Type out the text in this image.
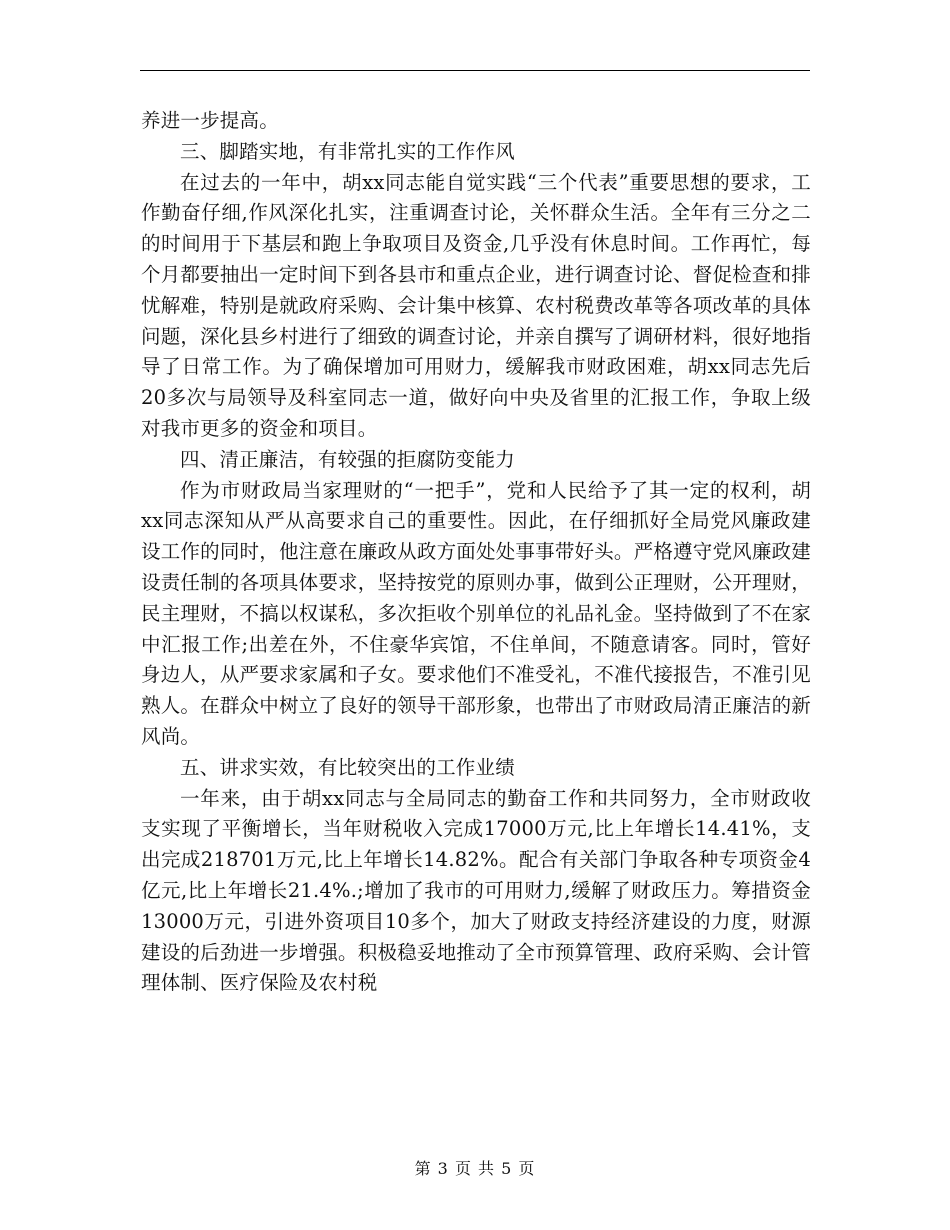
养进一步提高。

三、脚踏实地，有非常扎实的工作作风

在过去的一年中，胡xx同志能自觉实践“三个代表”重要思想的要求，工作勤奋仔细,作风深化扎实，注重调查讨论，关怀群众生活。全年有三分之二的时间用于下基层和跑上争取项目及资金,几乎没有休息时间。工作再忙，每个月都要抽出一定时间下到各县市和重点企业，进行调查讨论、督促检查和排忧解难，特别是就政府采购、会计集中核算、农村税费改革等各项改革的具体问题，深化县乡村进行了细致的调查讨论，并亲自撰写了调研材料，很好地指导了日常工作。为了确保增加可用财力，缓解我市财政困难，胡xx同志先后20多次与局领导及科室同志一道，做好向中央及省里的汇报工作，争取上级对我市更多的资金和项目。

四、清正廉洁，有较强的拒腐防变能力

作为市财政局当家理财的“一把手”，党和人民给予了其一定的权利，胡xx同志深知从严从高要求自己的重要性。因此，在仔细抓好全局党风廉政建设工作的同时，他注意在廉政从政方面处处事事带好头。严格遵守党风廉政建设责任制的各项具体要求，坚持按党的原则办事，做到公正理财，公开理财，民主理财，不搞以权谋私，多次拒收个别单位的礼品礼金。坚持做到了不在家中汇报工作;出差在外，不住豪华宾馆，不住单间，不随意请客。同时，管好身边人，从严要求家属和子女。要求他们不准受礼，不准代接报告，不准引见熟人。在群众中树立了良好的领导干部形象，也带出了市财政局清正廉洁的新风尚。

五、讲求实效，有比较突出的工作业绩

一年来，由于胡xx同志与全局同志的勤奋工作和共同努力，全市财政收支实现了平衡增长，当年财税收入完成17000万元,比上年增长14.41%，支出完成218701万元,比上年增长14.82%。配合有关部门争取各种专项资金4亿元,比上年增长21.4%.;增加了我市的可用财力,缓解了财政压力。筹措资金13000万元，引进外资项目10多个，加大了财政支持经济建设的力度，财源建设的后劲进一步增强。积极稳妥地推动了全市预算管理、政府采购、会计管理体制、医疗保险及农村税

第 3 页 共 5 页
